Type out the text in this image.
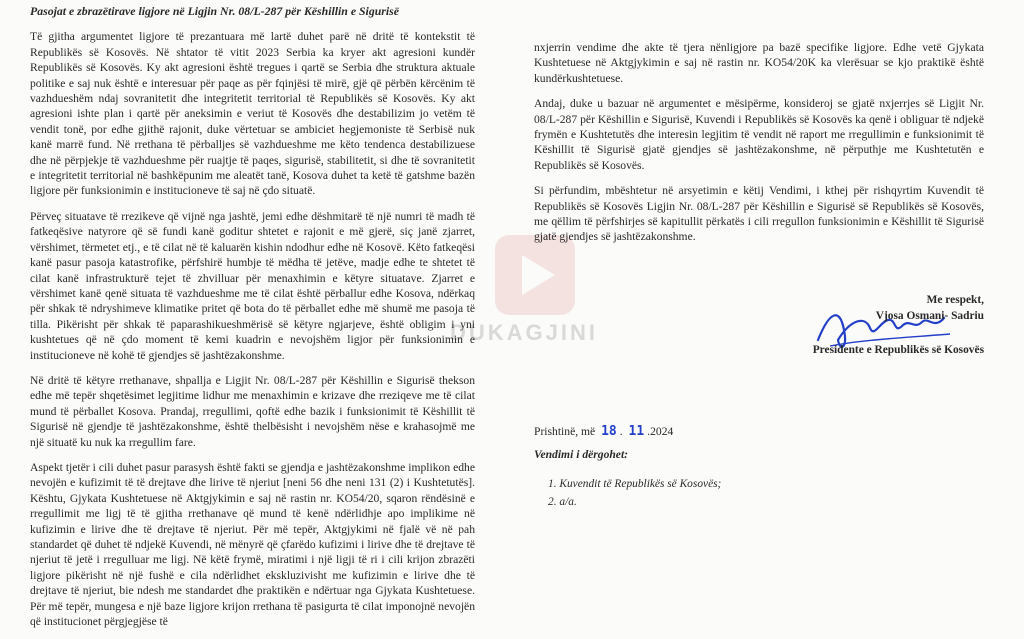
DUKAGJINI

Pasojat e zbrazëtirave ligjore në Ligjin Nr. 08/L-287 për Këshillin e Sigurisë

Të gjitha argumentet ligjore të prezantuara më lartë duhet parë në dritë të kontekstit të Republikës së Kosovës. Në shtator të vitit 2023 Serbia ka kryer akt agresioni kundër Republikës së Kosovës. Ky akt agresioni është tregues i qartë se Serbia dhe struktura aktuale politike e saj nuk është e interesuar për paqe as për fqinjësi të mirë, gjë që përbën kërcënim të vazhdueshëm ndaj sovranitetit dhe integritetit territorial të Republikës së Kosovës. Ky akt agresioni ishte plan i qartë për aneksimin e veriut të Kosovës dhe destabilizim jo vetëm të vendit tonë, por edhe gjithë rajonit, duke vërtetuar se ambiciet hegjemoniste të Serbisë nuk kanë marrë fund. Në rrethana të përballjes së vazhdueshme me këto tendenca destabilizuese dhe në përpjekje të vazhdueshme për ruajtje të paqes, sigurisë, stabilitetit, si dhe të sovranitetit e integritetit territorial në bashkëpunim me aleatët tanë, Kosova duhet ta ketë të gatshme bazën ligjore për funksionimin e institucioneve të saj në çdo situatë.

Përveç situatave të rrezikeve që vijnë nga jashtë, jemi edhe dëshmitarë të një numri të madh të fatkeqësive natyrore që së fundi kanë goditur shtetet e rajonit e më gjerë, siç janë zjarret, vërshimet, tërmetet etj., e të cilat në të kaluarën kishin ndodhur edhe në Kosovë. Këto fatkeqësi kanë pasur pasoja katastrofike, përfshirë humbje të mëdha të jetëve, madje edhe te shtetet të cilat kanë infrastrukturë tejet të zhvilluar për menaxhimin e këtyre situatave. Zjarret e vërshimet kanë qenë situata të vazhdueshme me të cilat është përballur edhe Kosova, ndërkaq për shkak të ndryshimeve klimatike pritet që bota do të përballet edhe më shumë me pasoja të tilla. Pikërisht për shkak të paparashikueshmërisë së këtyre ngjarjeve, është obligim i yni kushtetues që në çdo moment të kemi kuadrin e nevojshëm ligjor për funksionimin e institucioneve në kohë të gjendjes së jashtëzakonshme.

Në dritë të këtyre rrethanave, shpallja e Ligjit Nr. 08/L-287 për Këshillin e Sigurisë thekson edhe më tepër shqetësimet legjitime lidhur me menaxhimin e krizave dhe rreziqeve me të cilat mund të përballet Kosova. Prandaj, rregullimi, qoftë edhe bazik i funksionimit të Këshillit të Sigurisë në gjendje të jashtëzakonshme, është thelbësisht i nevojshëm nëse e krahasojmë me një situatë ku nuk ka rregullim fare.

Aspekt tjetër i cili duhet pasur parasysh është fakti se gjendja e jashtëzakonshme implikon edhe nevojën e kufizimit të të drejtave dhe lirive të njeriut [neni 56 dhe neni 131 (2) i Kushtetutës]. Kështu, Gjykata Kushtetuese në Aktgjykimin e saj në rastin nr. KO54/20, sqaron rëndësinë e rregullimit me ligj të të gjitha rrethanave që mund të kenë ndërlidhje apo implikime në kufizimin e lirive dhe të drejtave të njeriut. Për më tepër, Aktgjykimi në fjalë vë në pah standardet që duhet të ndjekë Kuvendi, në mënyrë që çfarëdo kufizimi i lirive dhe të drejtave të njeriut të jetë i rregulluar me ligj. Në këtë frymë, miratimi i një ligji të ri i cili krijon zbrazëti ligjore pikërisht në një fushë e cila ndërlidhet ekskluzivisht me kufizimin e lirive dhe të drejtave të njeriut, bie ndesh me standardet dhe praktikën e ndërtuar nga Gjykata Kushtetuese. Për më tepër, mungesa e një baze ligjore krijon rrethana të pasigurta të cilat imponojnë nevojën që institucionet përgjegjëse të

nxjerrin vendime dhe akte të tjera nënligjore pa bazë specifike ligjore. Edhe vetë Gjykata Kushtetuese në Aktgjykimin e saj në rastin nr. KO54/20K ka vlerësuar se kjo praktikë është kundërkushtetuese.

Andaj, duke u bazuar në argumentet e mësipërme, konsideroj se gjatë nxjerrjes së Ligjit Nr. 08/L-287 për Këshillin e Sigurisë, Kuvendi i Republikës së Kosovës ka qenë i obliguar të ndjekë frymën e Kushtetutës dhe interesin legjitim të vendit në raport me rregullimin e funksionimit të Këshillit të Sigurisë gjatë gjendjes së jashtëzakonshme, në përputhje me Kushtetutën e Republikës së Kosovës.

Si përfundim, mbështetur në arsyetimin e këtij Vendimi, i kthej për rishqyrtim Kuvendit të Republikës së Kosovës Ligjin Nr. 08/L-287 për Këshillin e Sigurisë së Republikës së Kosovës, me qëllim të përfshirjes së kapitullit përkatës i cili rregullon funksionimin e Këshillit të Sigurisë gjatë gjendjes së jashtëzakonshme.

Me respekt,
Vjosa Osmani- Sadriu
Presidente e Republikës së Kosovës
Prishtinë, më 18 . 11 .2024
Vendimi i dërgohet:
1. Kuvendit të Republikës së Kosovës;
2. a/a.
